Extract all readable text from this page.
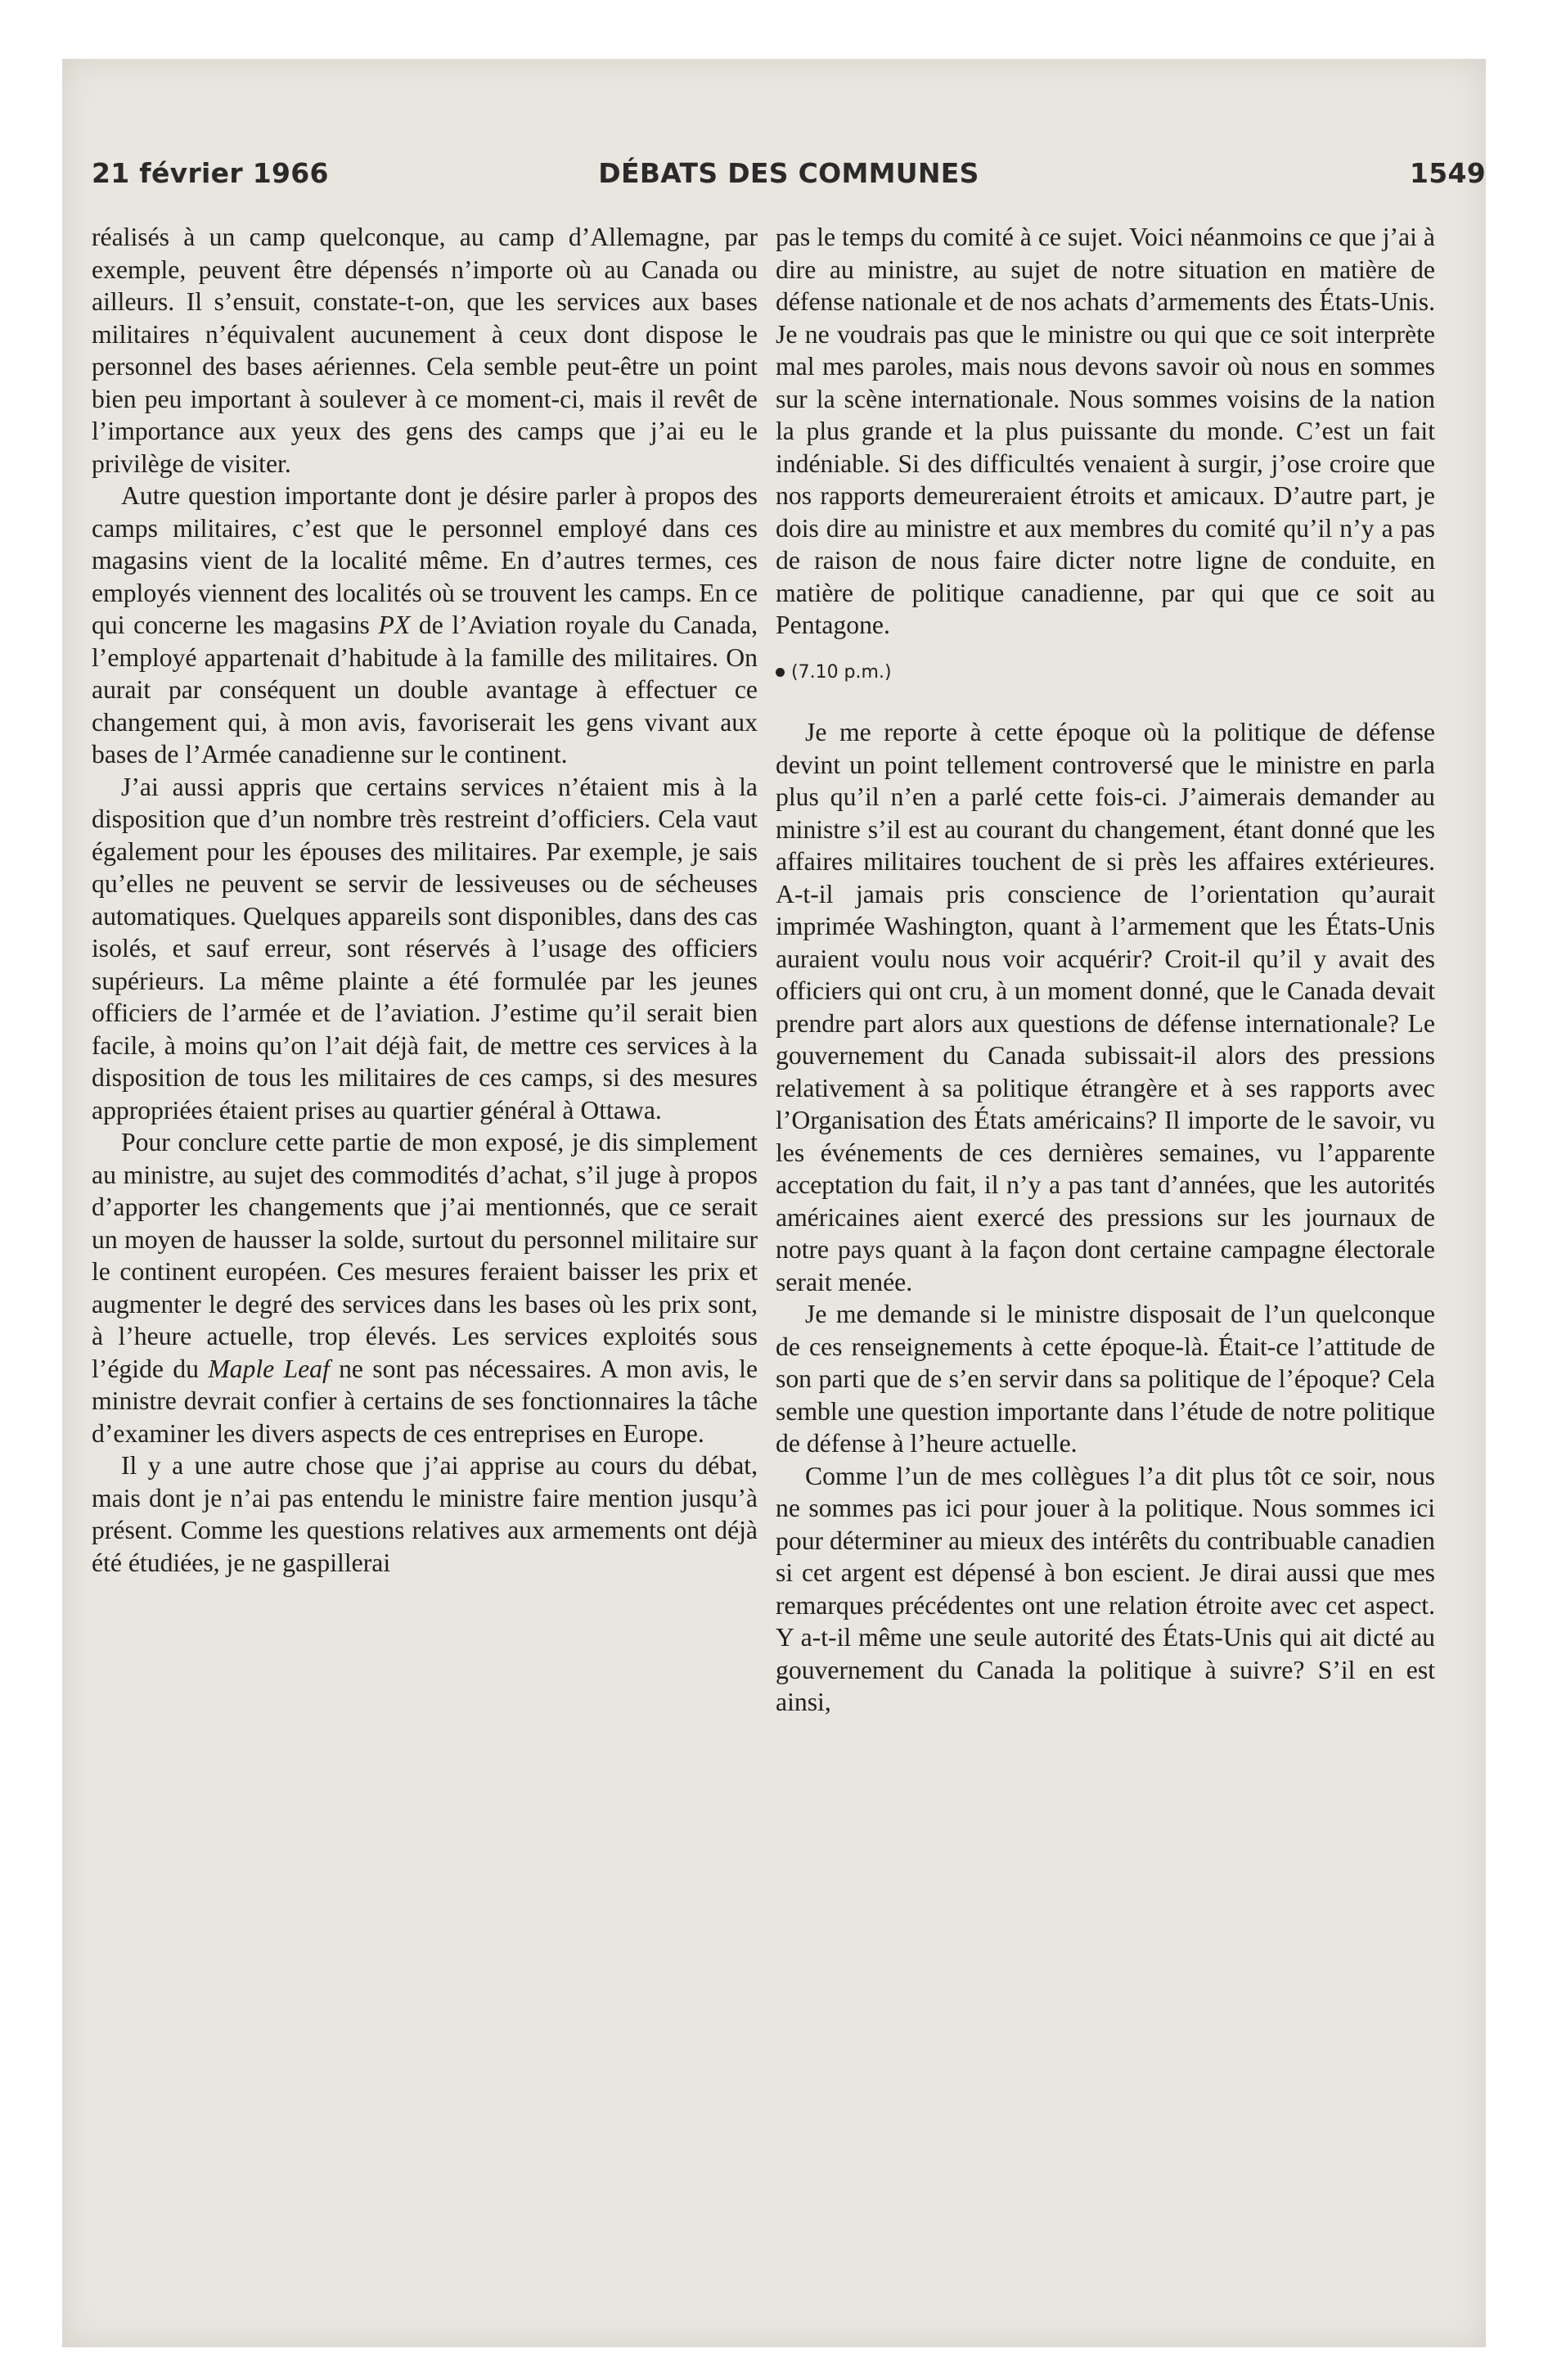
DÉBATS DES COMMUNES
21 février 1966	1549

réalisés à un camp quelconque, au camp d’Allemagne, par exemple, peuvent être dépensés n’importe où au Canada ou ailleurs. Il s’ensuit, constate-t-on, que les services aux bases militaires n’équivalent aucunement à ceux dont dispose le personnel des bases aériennes. Cela semble peut-être un point bien peu important à soulever à ce moment-ci, mais il revêt de l’importance aux yeux des gens des camps que j’ai eu le privilège de visiter.

Autre question importante dont je désire parler à propos des camps militaires, c’est que le personnel employé dans ces magasins vient de la localité même. En d’autres termes, ces employés viennent des localités où se trouvent les camps. En ce qui concerne les magasins PX de l’Aviation royale du Canada, l’employé appartenait d’habitude à la famille des militaires. On aurait par conséquent un double avantage à effectuer ce changement qui, à mon avis, favoriserait les gens vivant aux bases de l’Armée canadienne sur le continent.

J’ai aussi appris que certains services n’étaient mis à la disposition que d’un nombre très restreint d’officiers. Cela vaut également pour les épouses des militaires. Par exemple, je sais qu’elles ne peuvent se servir de lessiveuses ou de sécheuses automatiques. Quelques appareils sont disponibles, dans des cas isolés, et sauf erreur, sont réservés à l’usage des officiers supérieurs. La même plainte a été formulée par les jeunes officiers de l’armée et de l’aviation. J’estime qu’il serait bien facile, à moins qu’on l’ait déjà fait, de mettre ces services à la disposition de tous les militaires de ces camps, si des mesures appropriées étaient prises au quartier général à Ottawa.

Pour conclure cette partie de mon exposé, je dis simplement au ministre, au sujet des commodités d’achat, s’il juge à propos d’apporter les changements que j’ai mentionnés, que ce serait un moyen de hausser la solde, surtout du personnel militaire sur le continent européen. Ces mesures feraient baisser les prix et augmenter le degré des services dans les bases où les prix sont, à l’heure actuelle, trop élevés. Les services exploités sous l’égide du Maple Leaf ne sont pas nécessaires. A mon avis, le ministre devrait confier à certains de ses fonctionnaires la tâche d’examiner les divers aspects de ces entreprises en Europe.

Il y a une autre chose que j’ai apprise au cours du débat, mais dont je n’ai pas entendu le ministre faire mention jusqu’à présent. Comme les questions relatives aux armements ont déjà été étudiées, je ne gaspillerai

pas le temps du comité à ce sujet. Voici néanmoins ce que j’ai à dire au ministre, au sujet de notre situation en matière de défense nationale et de nos achats d’armements des États-Unis. Je ne voudrais pas que le ministre ou qui que ce soit interprète mal mes paroles, mais nous devons savoir où nous en sommes sur la scène internationale. Nous sommes voisins de la nation la plus grande et la plus puissante du monde. C’est un fait indéniable. Si des difficultés venaient à surgir, j’ose croire que nos rapports demeureraient étroits et amicaux. D’autre part, je dois dire au ministre et aux membres du comité qu’il n’y a pas de raison de nous faire dicter notre ligne de conduite, en matière de politique canadienne, par qui que ce soit au Pentagone.

(7.10 p.m.)

Je me reporte à cette époque où la politique de défense devint un point tellement controversé que le ministre en parla plus qu’il n’en a parlé cette fois-ci. J’aimerais demander au ministre s’il est au courant du changement, étant donné que les affaires militaires touchent de si près les affaires extérieures. A-t-il jamais pris conscience de l’orientation qu’aurait imprimée Washington, quant à l’armement que les États-Unis auraient voulu nous voir acquérir? Croit-il qu’il y avait des officiers qui ont cru, à un moment donné, que le Canada devait prendre part alors aux questions de défense internationale? Le gouvernement du Canada subissait-il alors des pressions relativement à sa politique étrangère et à ses rapports avec l’Organisation des États américains? Il importe de le savoir, vu les événements de ces dernières semaines, vu l’apparente acceptation du fait, il n’y a pas tant d’années, que les autorités américaines aient exercé des pressions sur les journaux de notre pays quant à la façon dont certaine campagne électorale serait menée.

Je me demande si le ministre disposait de l’un quelconque de ces renseignements à cette époque-là. Était-ce l’attitude de son parti que de s’en servir dans sa politique de l’époque? Cela semble une question importante dans l’étude de notre politique de défense à l’heure actuelle.

Comme l’un de mes collègues l’a dit plus tôt ce soir, nous ne sommes pas ici pour jouer à la politique. Nous sommes ici pour déterminer au mieux des intérêts du contribuable canadien si cet argent est dépensé à bon escient. Je dirai aussi que mes remarques précédentes ont une relation étroite avec cet aspect. Y a-t-il même une seule autorité des États-Unis qui ait dicté au gouvernement du Canada la politique à suivre? S’il en est ainsi,
